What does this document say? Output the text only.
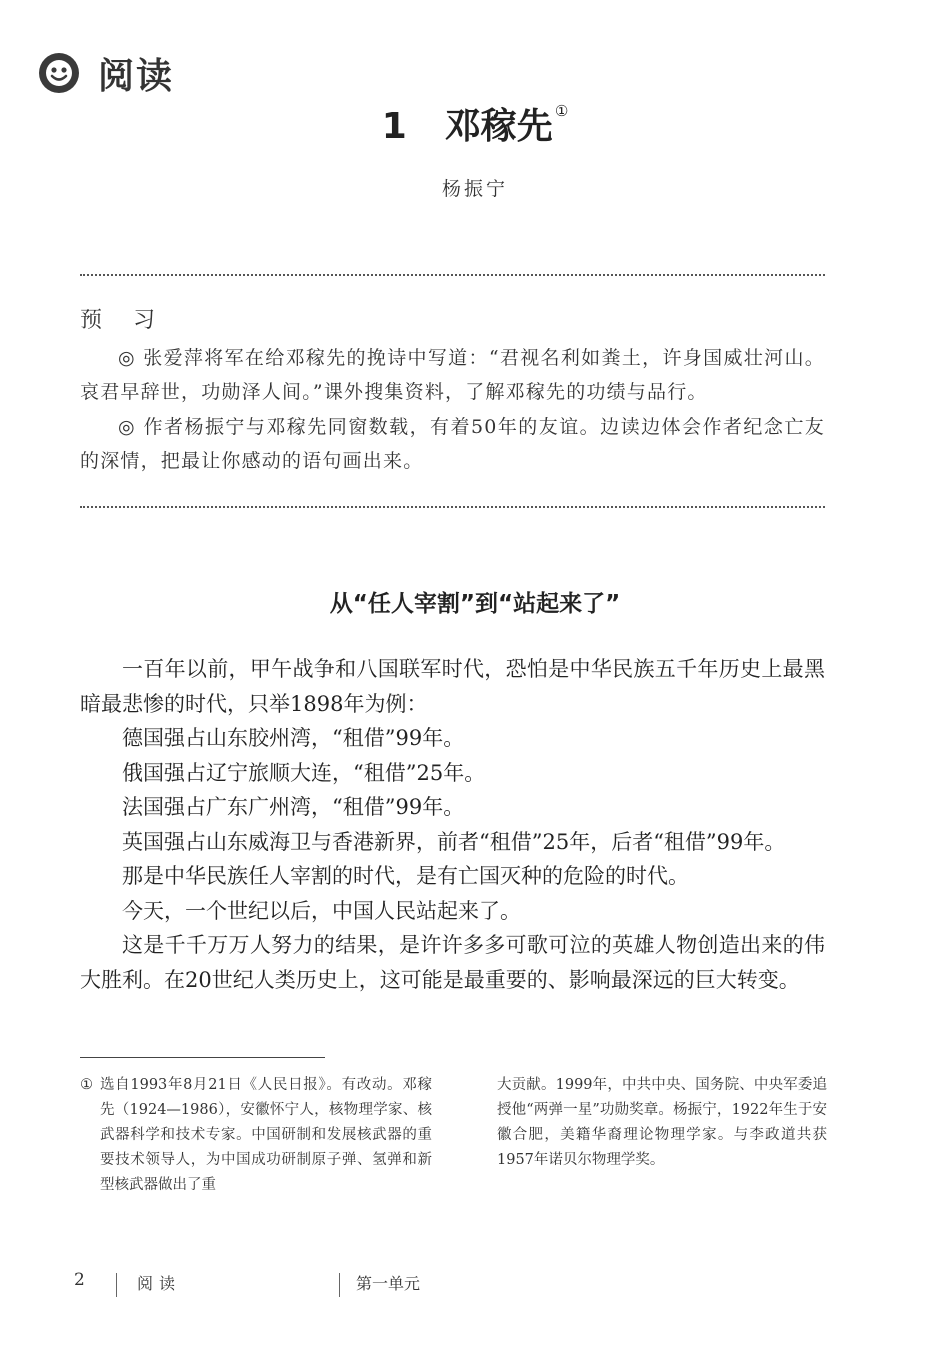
阅读
1 邓稼先 ①
杨振宁
预 习

◎ 张爱萍将军在给邓稼先的挽诗中写道：“君视名利如粪土，许身国威壮河山。哀君早辞世，功勋泽人间。”课外搜集资料，了解邓稼先的功绩与品行。

◎ 作者杨振宁与邓稼先同窗数载，有着50年的友谊。边读边体会作者纪念亡友的深情，把最让你感动的语句画出来。

从“任人宰割”到“站起来了”

一百年以前，甲午战争和八国联军时代，恐怕是中华民族五千年历史上最黑暗最悲惨的时代，只举1898年为例：

德国强占山东胶州湾，“租借”99年。

俄国强占辽宁旅顺大连，“租借”25年。

法国强占广东广州湾，“租借”99年。

英国强占山东威海卫与香港新界，前者“租借”25年，后者“租借”99年。

那是中华民族任人宰割的时代，是有亡国灭种的危险的时代。

今天，一个世纪以后，中国人民站起来了。

这是千千万万人努力的结果，是许许多多可歌可泣的英雄人物创造出来的伟大胜利。在20世纪人类历史上，这可能是最重要的、影响最深远的巨大转变。

① 选自1993年8月21日《人民日报》。有改动。邓稼先（1924—1986），安徽怀宁人，核物理学家、核武器科学和技术专家。中国研制和发展核武器的重要技术领导人，为中国成功研制原子弹、氢弹和新型核武器做出了重
大贡献。1999年，中共中央、国务院、中央军委追授他“两弹一星”功勋奖章。杨振宁，1922年生于安徽合肥，美籍华裔理论物理学家。与李政道共获1957年诺贝尔物理学奖。
2	阅读	第一单元
